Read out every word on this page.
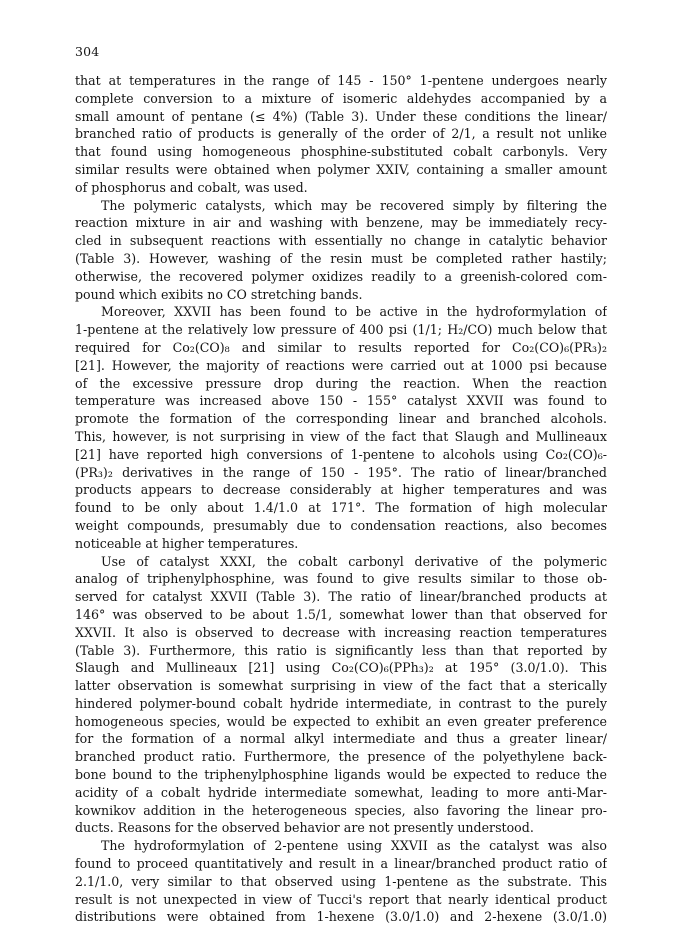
304
that at temperatures in the range of 145 - 150° 1-pentene undergoes nearly
complete conversion to a mixture of isomeric aldehydes accompanied by a
small amount of pentane (≤ 4%) (Table 3). Under these conditions the linear/
branched ratio of products is generally of the order of 2/1, a result not unlike
that found using homogeneous phosphine-substituted cobalt carbonyls. Very
similar results were obtained when polymer XXIV, containing a smaller amount
of phosphorus and cobalt, was used.
The polymeric catalysts, which may be recovered simply by filtering the
reaction mixture in air and washing with benzene, may be immediately recy-
cled in subsequent reactions with essentially no change in catalytic behavior
(Table 3). However, washing of the resin must be completed rather hastily;
otherwise, the recovered polymer oxidizes readily to a greenish-colored com-
pound which exibits no CO stretching bands.
Moreover, XXVII has been found to be active in the hydroformylation of
1-pentene at the relatively low pressure of 400 psi (1/1; H₂/CO) much below that
required for Co₂(CO)₈ and similar to results reported for Co₂(CO)₆(PR₃)₂
[21]. However, the majority of reactions were carried out at 1000 psi because
of the excessive pressure drop during the reaction. When the reaction
temperature was increased above 150 - 155° catalyst XXVII was found to
promote the formation of the corresponding linear and branched alcohols.
This, however, is not surprising in view of the fact that Slaugh and Mullineaux
[21] have reported high conversions of 1-pentene to alcohols using Co₂(CO)₆-
(PR₃)₂ derivatives in the range of 150 - 195°. The ratio of linear/branched
products appears to decrease considerably at higher temperatures and was
found to be only about 1.4/1.0 at 171°. The formation of high molecular
weight compounds, presumably due to condensation reactions, also becomes
noticeable at higher temperatures.
Use of catalyst XXXI, the cobalt carbonyl derivative of the polymeric
analog of triphenylphosphine, was found to give results similar to those ob-
served for catalyst XXVII (Table 3). The ratio of linear/branched products at
146° was observed to be about 1.5/1, somewhat lower than that observed for
XXVII. It also is observed to decrease with increasing reaction temperatures
(Table 3). Furthermore, this ratio is significantly less than that reported by
Slaugh and Mullineaux [21] using Co₂(CO)₆(PPh₃)₂ at 195° (3.0/1.0). This
latter observation is somewhat surprising in view of the fact that a sterically
hindered polymer-bound cobalt hydride intermediate, in contrast to the purely
homogeneous species, would be expected to exhibit an even greater preference
for the formation of a normal alkyl intermediate and thus a greater linear/
branched product ratio. Furthermore, the presence of the polyethylene back-
bone bound to the triphenylphosphine ligands would be expected to reduce the
acidity of a cobalt hydride intermediate somewhat, leading to more anti-Mar-
kownikov addition in the heterogeneous species, also favoring the linear pro-
ducts. Reasons for the observed behavior are not presently understood.
The hydroformylation of 2-pentene using XXVII as the catalyst was also
found to proceed quantitatively and result in a linear/branched product ratio of
2.1/1.0, very similar to that observed using 1-pentene as the substrate. This
result is not unexpected in view of Tucci's report that nearly identical product
distributions were obtained from 1-hexene (3.0/1.0) and 2-hexene (3.0/1.0)
